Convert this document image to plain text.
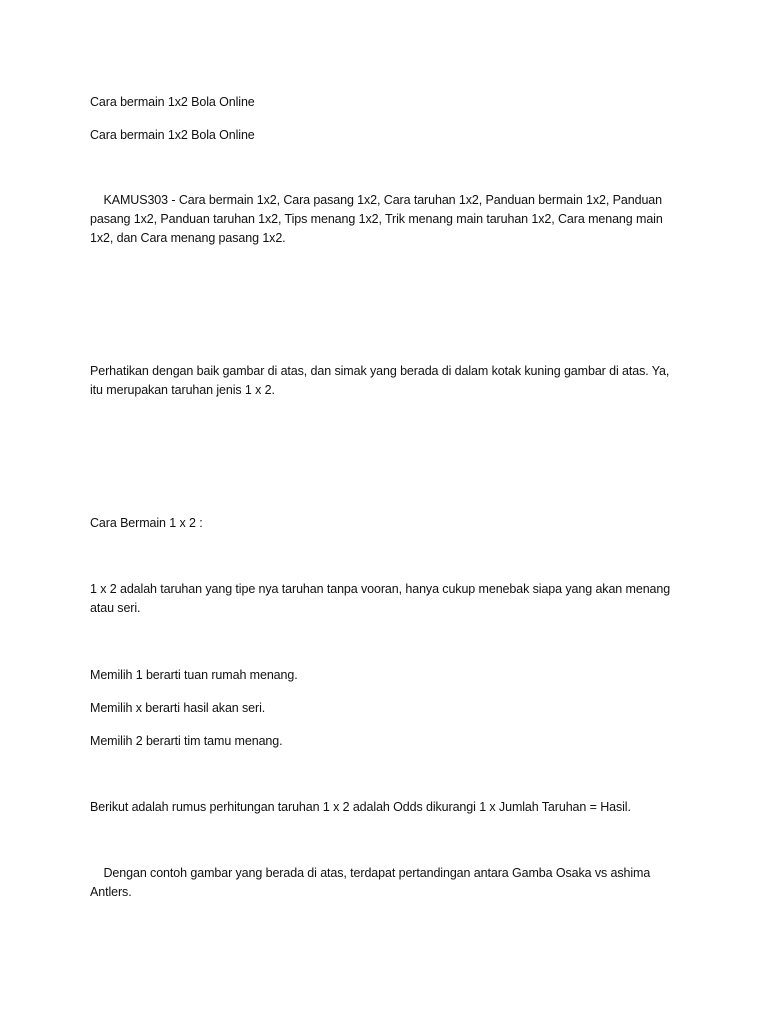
Cara bermain 1x2 Bola Online

Cara bermain 1x2 Bola Online

KAMUS303 - Cara bermain 1x2, Cara pasang 1x2, Cara taruhan 1x2, Panduan bermain 1x2, Panduan pasang 1x2, Panduan taruhan 1x2, Tips menang 1x2, Trik menang main taruhan 1x2, Cara menang main 1x2, dan Cara menang pasang 1x2.

Perhatikan dengan baik gambar di atas, dan simak yang berada di dalam kotak kuning gambar di atas. Ya, itu merupakan taruhan jenis 1 x 2.

Cara Bermain 1 x 2 :

1 x 2 adalah taruhan yang tipe nya taruhan tanpa vooran, hanya cukup menebak siapa yang akan menang atau seri.

Memilih 1 berarti tuan rumah menang.

Memilih x berarti hasil akan seri.

Memilih 2 berarti tim tamu menang.

Berikut adalah rumus perhitungan taruhan 1 x 2 adalah Odds dikurangi 1 x Jumlah Taruhan = Hasil.

Dengan contoh gambar yang berada di atas, terdapat pertandingan antara Gamba Osaka vs ashima Antlers.
